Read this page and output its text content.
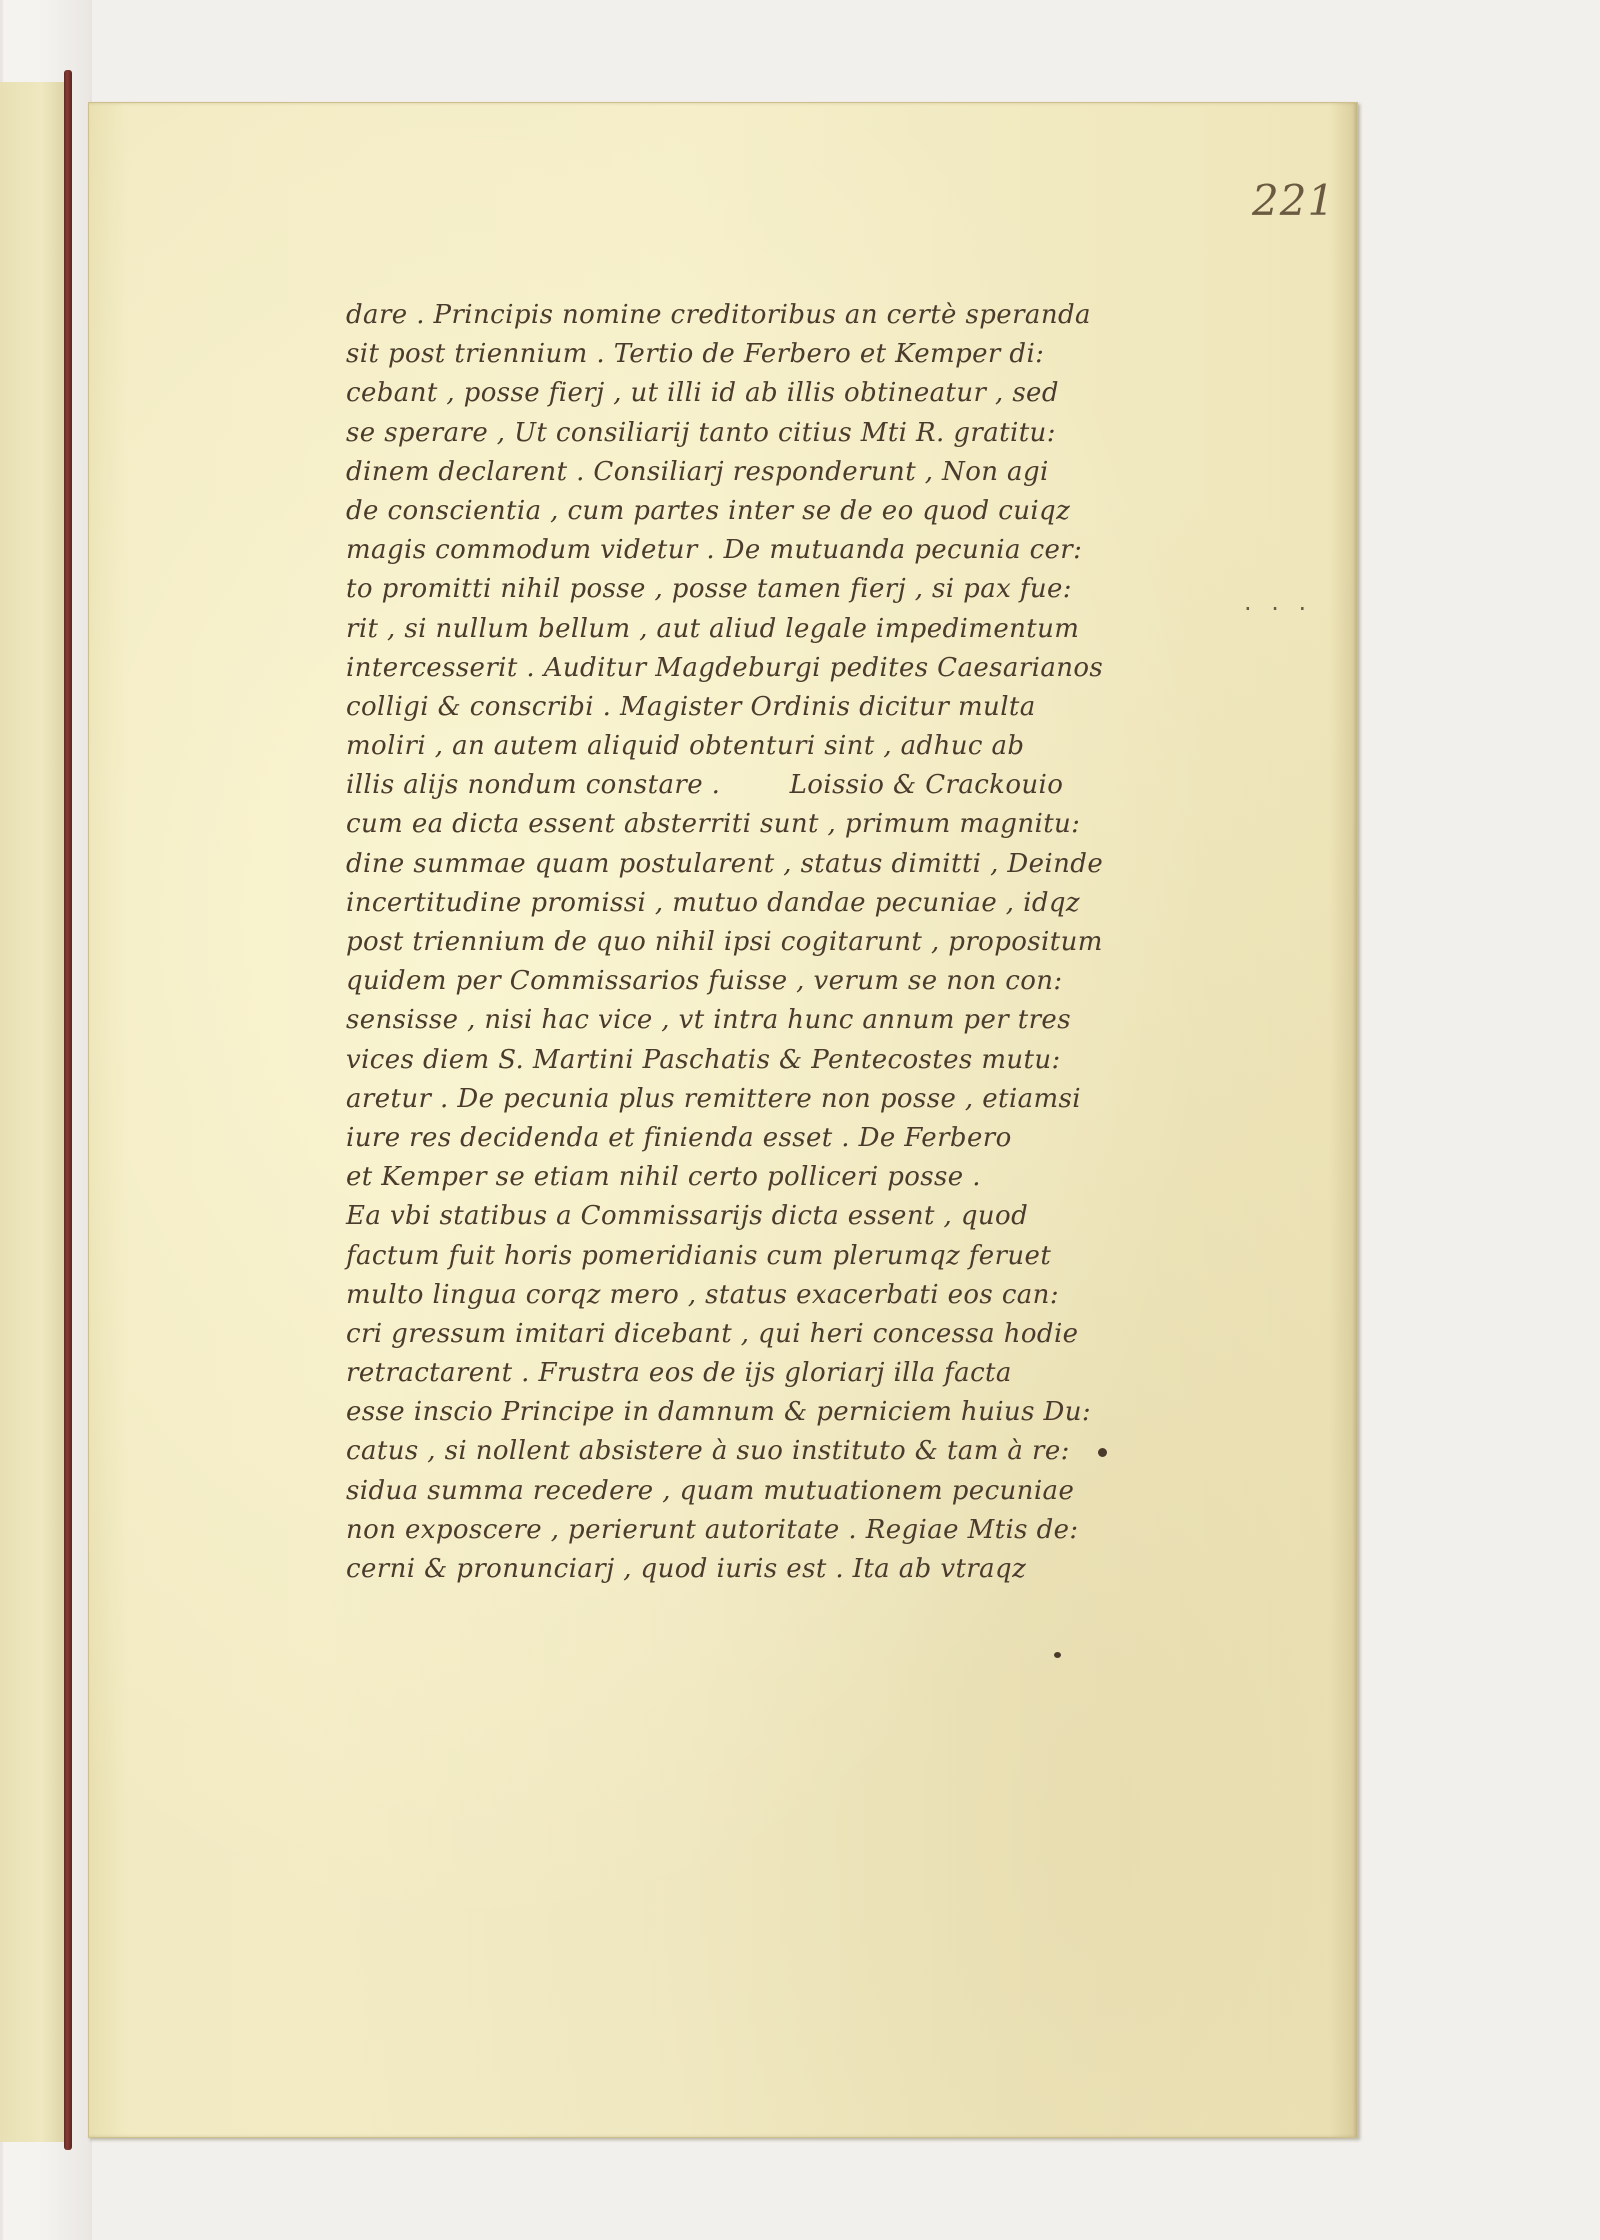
221
. . .
dare . Principis nomine creditoribus an certè speranda
sit post triennium . Tertio de Ferbero et Kemper di:
cebant , posse fierj , ut illi id ab illis obtineatur , sed
se sperare , Ut consiliarij tanto citius Mti R. gratitu:
dinem declarent . Consiliarj responderunt , Non agi
de conscientia , cum partes inter se de eo quod cuiqz
magis commodum videtur . De mutuanda pecunia cer:
to promitti nihil posse , posse tamen fierj , si pax fue:
rit , si nullum bellum , aut aliud legale impedimentum
intercesserit . Auditur Magdeburgi pedites Caesarianos
colligi & conscribi . Magister Ordinis dicitur multa
moliri , an autem aliquid obtenturi sint , adhuc ab
illis alijs nondum constare .        Loissio & Crackouio
cum ea dicta essent absterriti sunt , primum magnitu:
dine summae quam postularent , status dimitti , Deinde
incertitudine promissi , mutuo dandae pecuniae , idqz
post triennium de quo nihil ipsi cogitarunt , propositum
quidem per Commissarios fuisse , verum se non con:
sensisse , nisi hac vice , vt intra hunc annum per tres
vices diem S. Martini Paschatis & Pentecostes mutu:
aretur . De pecunia plus remittere non posse , etiamsi
iure res decidenda et finienda esset . De Ferbero
et Kemper se etiam nihil certo polliceri posse .
Ea vbi statibus a Commissarijs dicta essent , quod
factum fuit horis pomeridianis cum plerumqz feruet
multo lingua corqz mero , status exacerbati eos can:
cri gressum imitari dicebant , qui heri concessa hodie
retractarent . Frustra eos de ijs gloriarj illa facta
esse inscio Principe in damnum & perniciem huius Du:
catus , si nollent absistere à suo instituto & tam à re:
sidua summa recedere , quam mutuationem pecuniae
non exposcere , perierunt autoritate . Regiae Mtis de:
cerni & pronunciarj , quod iuris est . Ita ab vtraqz
